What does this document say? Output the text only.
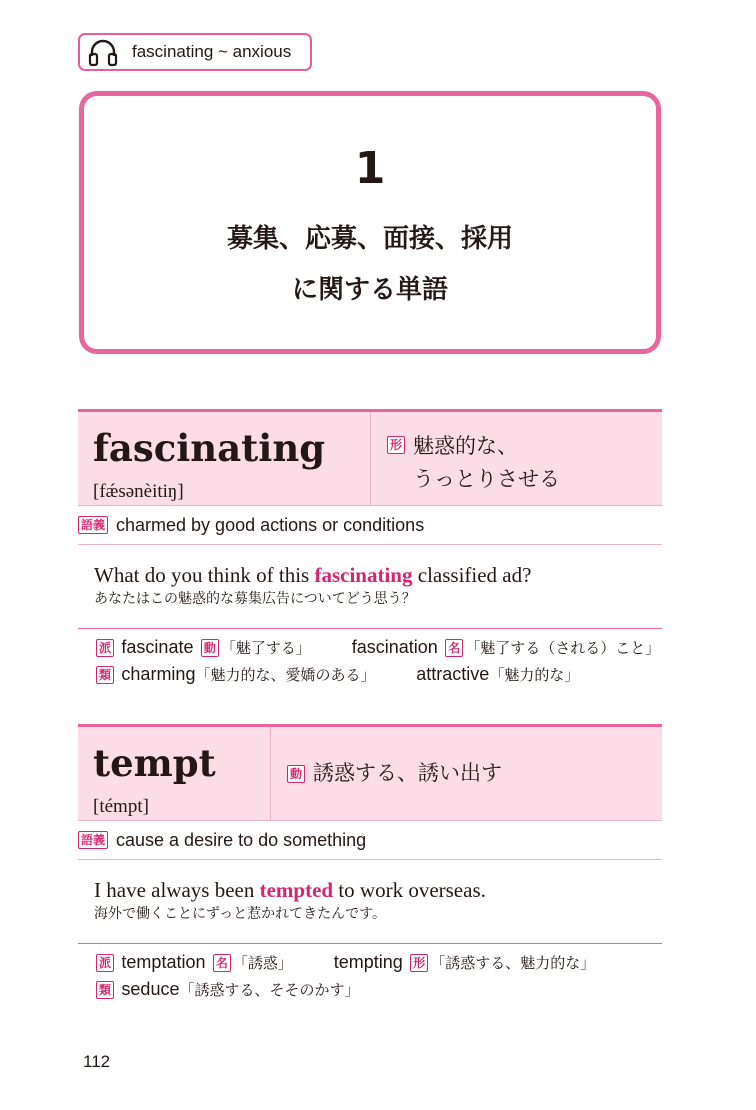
fascinating ~ anxious
1
募集、応募、面接、採用
に関する単語
fascinating
[fǽsənèitiŋ]
形 魅惑的な、
うっとりさせる
語義 charmed by good actions or conditions
What do you think of this fascinating classified ad?
あなたはこの魅惑的な募集広告についてどう思う？
派 fascinate 動 「魅了する」 fascination 名 「魅了する（される）こと」
類 charming「魅力的な、愛嬌のある」 attractive「魅力的な」
tempt
[témpt]
動 誘惑する、誘い出す
語義 cause a desire to do something
I have always been tempted to work overseas.
海外で働くことにずっと惹かれてきたんです。
派 temptation 名 「誘惑」 tempting 形 「誘惑する、魅力的な」
類 seduce「誘惑する、そそのかす」
112
